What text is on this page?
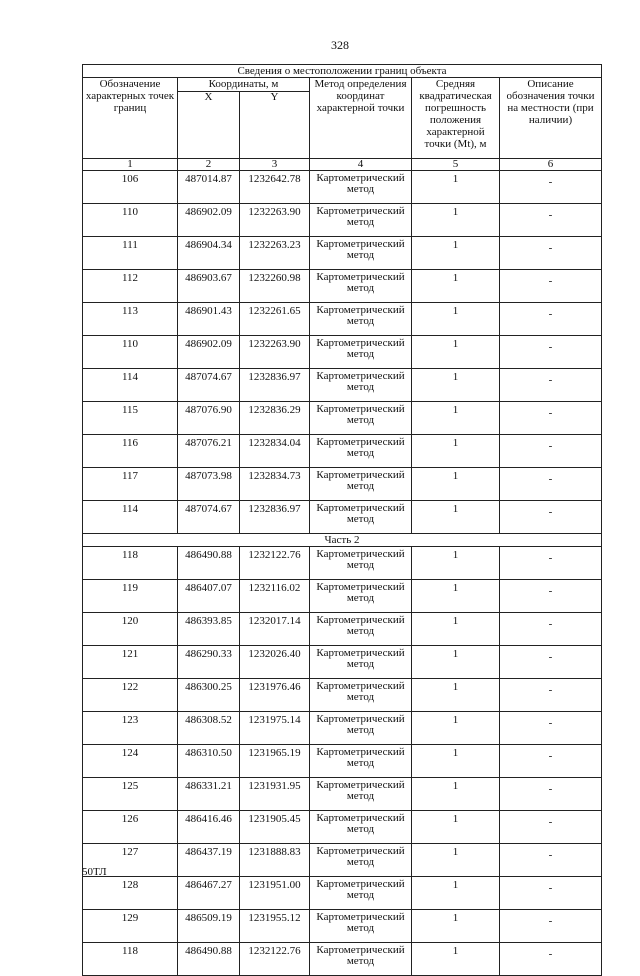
328
Сведения о местоположении границ объекта					
Обозначение характерных точек границ	Координаты, м		Метод определения координат характерной точки	Средняя квадратическая погрешность положения характерной точки (Mt), м	Описание обозначения точки на местности (при наличии)
	X	Y			
1	2	3	4	5	6
106	487014.87	1232642.78	Картометрический метод	1	-
110	486902.09	1232263.90	Картометрический метод	1	-
111	486904.34	1232263.23	Картометрический метод	1	-
112	486903.67	1232260.98	Картометрический метод	1	-
113	486901.43	1232261.65	Картометрический метод	1	-
110	486902.09	1232263.90	Картометрический метод	1	-
114	487074.67	1232836.97	Картометрический метод	1	-
115	487076.90	1232836.29	Картометрический метод	1	-
116	487076.21	1232834.04	Картометрический метод	1	-
117	487073.98	1232834.73	Картометрический метод	1	-
114	487074.67	1232836.97	Картометрический метод	1	-
Часть 2					
118	486490.88	1232122.76	Картометрический метод	1	-
119	486407.07	1232116.02	Картометрический метод	1	-
120	486393.85	1232017.14	Картометрический метод	1	-
121	486290.33	1232026.40	Картометрический метод	1	-
122	486300.25	1231976.46	Картометрический метод	1	-
123	486308.52	1231975.14	Картометрический метод	1	-
124	486310.50	1231965.19	Картометрический метод	1	-
125	486331.21	1231931.95	Картометрический метод	1	-
126	486416.46	1231905.45	Картометрический метод	1	-
127	486437.19	1231888.83	Картометрический метод	1	-
128	486467.27	1231951.00	Картометрический метод	1	-
129	486509.19	1231955.12	Картометрический метод	1	-
118	486490.88	1232122.76	Картометрический метод	1	-
50ТЛ
